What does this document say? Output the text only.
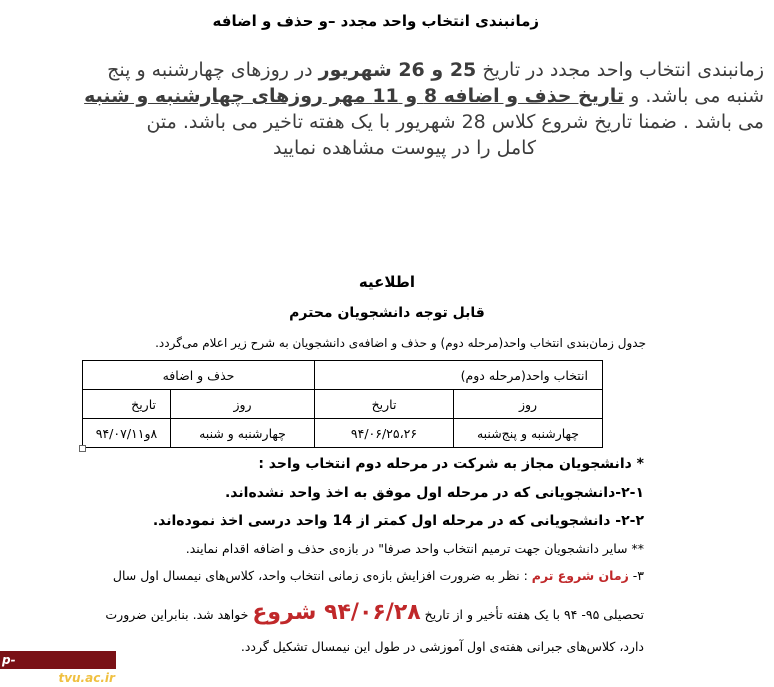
زمانبندی انتخاب واحد مجدد –و حذف و اضافه
زمانبندی انتخاب واحد مجدد در تاریخ 25 و 26 شهریور در روزهای چهارشنبه و پنج
شنبه می باشد. و تاریخ حذف و اضافه 8 و 11 مهر روزهای چهارشنبه و شنبه
می باشد . ضمنا تاریخ شروع کلاس 28 شهریور با یک هفته تاخیر می باشد. متن
کامل را در پیوست مشاهده نمایید
اطلاعیه
قابل توجه دانشجویان محترم
جدول زمان‌بندی انتخاب واحد(مرحله دوم) و حذف و اضافه‌ی دانشجویان به شرح زیر اعلام می‌گردد.
انتخاب واحد(مرحله دوم)		حذف و اضافه	
روز	تاریخ	روز	تاریخ
چهارشنبه و پنج‌شنبه	۹۴/۰۶/۲۵،۲۶	چهارشنبه و شنبه	۸و۹۴/۰۷/۱۱
* دانشجویان مجاز به شرکت در مرحله دوم انتخاب واحد :
۲-۱-دانشجویانی که در مرحله اول موفق به اخذ واحد نشده‌اند.
۲-۲- دانشجویانی که در مرحله اول کمتر از 14 واحد درسی اخذ نموده‌اند.
** سایر دانشجویان جهت ترمیم انتخاب واحد صرفا" در بازه‌ی حذف و اضافه اقدام نمایند.
۳- زمان شروع ترم : نظر به ضرورت افزایش بازه‌ی زمانی انتخاب واحد، کلاس‌های نیمسال اول سال
تحصیلی ۹۵- ۹۴ با یک هفته تأخیر و از تاریخ ۹۴/۰۶/۲۸ شروع خواهد شد. بنابراین ضرورت
دارد، کلاس‌های جبرانی هفته‌ی اول آموزشی در طول این نیمسال تشکیل گردد.
p-roodbar.tvu.ac.ir
